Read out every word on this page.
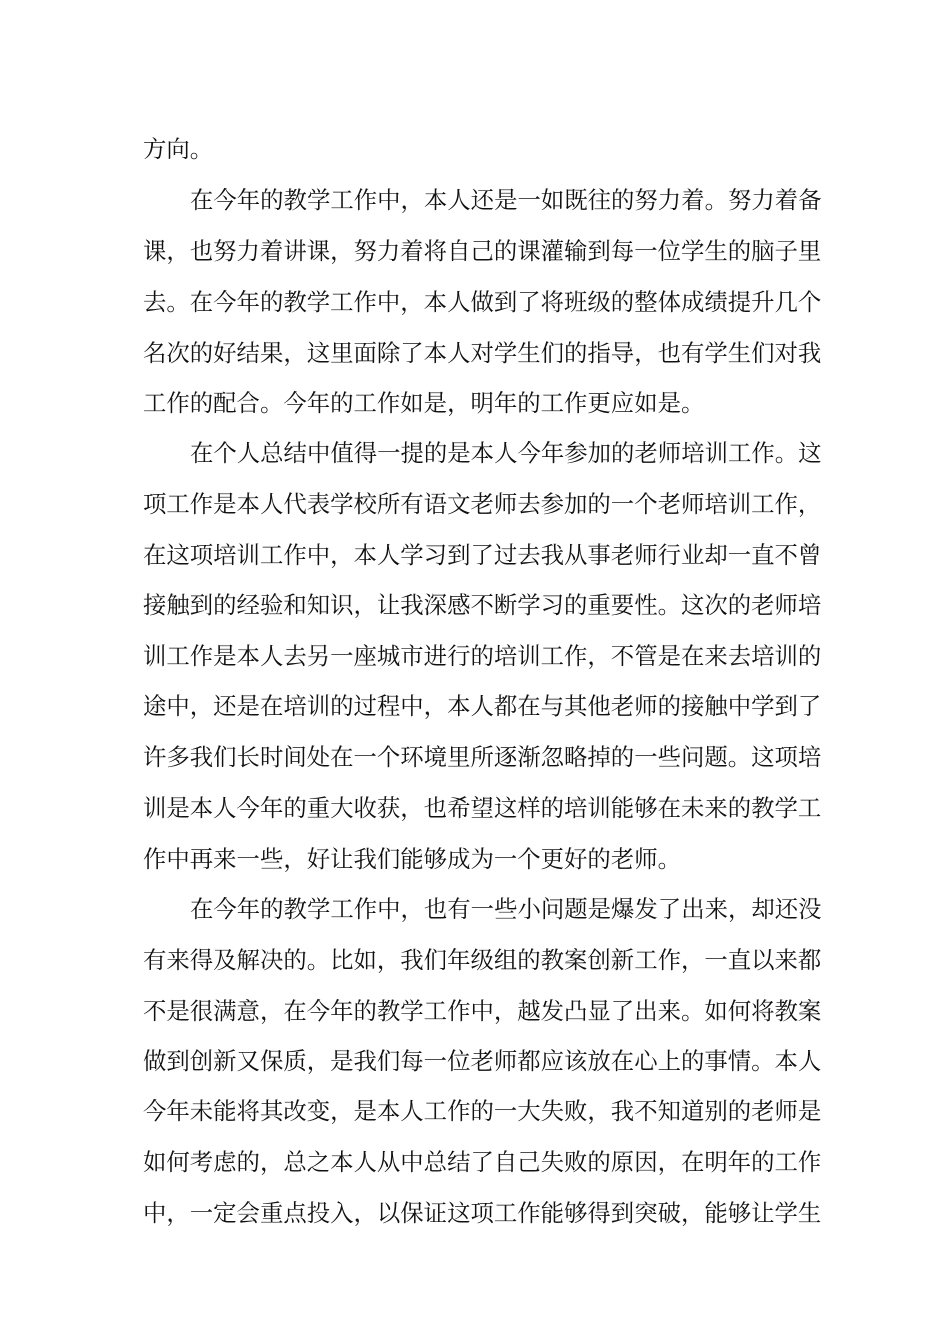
方向。
在今年的教学工作中，本人还是一如既往的努力着。努力着备
课，也努力着讲课，努力着将自己的课灌输到每一位学生的脑子里
去。在今年的教学工作中，本人做到了将班级的整体成绩提升几个
名次的好结果，这里面除了本人对学生们的指导，也有学生们对我
工作的配合。今年的工作如是，明年的工作更应如是。
在个人总结中值得一提的是本人今年参加的老师培训工作。这
项工作是本人代表学校所有语文老师去参加的一个老师培训工作，
在这项培训工作中，本人学习到了过去我从事老师行业却一直不曾
接触到的经验和知识，让我深感不断学习的重要性。这次的老师培
训工作是本人去另一座城市进行的培训工作，不管是在来去培训的
途中，还是在培训的过程中，本人都在与其他老师的接触中学到了
许多我们长时间处在一个环境里所逐渐忽略掉的一些问题。这项培
训是本人今年的重大收获，也希望这样的培训能够在未来的教学工
作中再来一些，好让我们能够成为一个更好的老师。
在今年的教学工作中，也有一些小问题是爆发了出来，却还没
有来得及解决的。比如，我们年级组的教案创新工作，一直以来都
不是很满意，在今年的教学工作中，越发凸显了出来。如何将教案
做到创新又保质，是我们每一位老师都应该放在心上的事情。本人
今年未能将其改变，是本人工作的一大失败，我不知道别的老师是
如何考虑的，总之本人从中总结了自己失败的原因，在明年的工作
中，一定会重点投入，以保证这项工作能够得到突破，能够让学生
